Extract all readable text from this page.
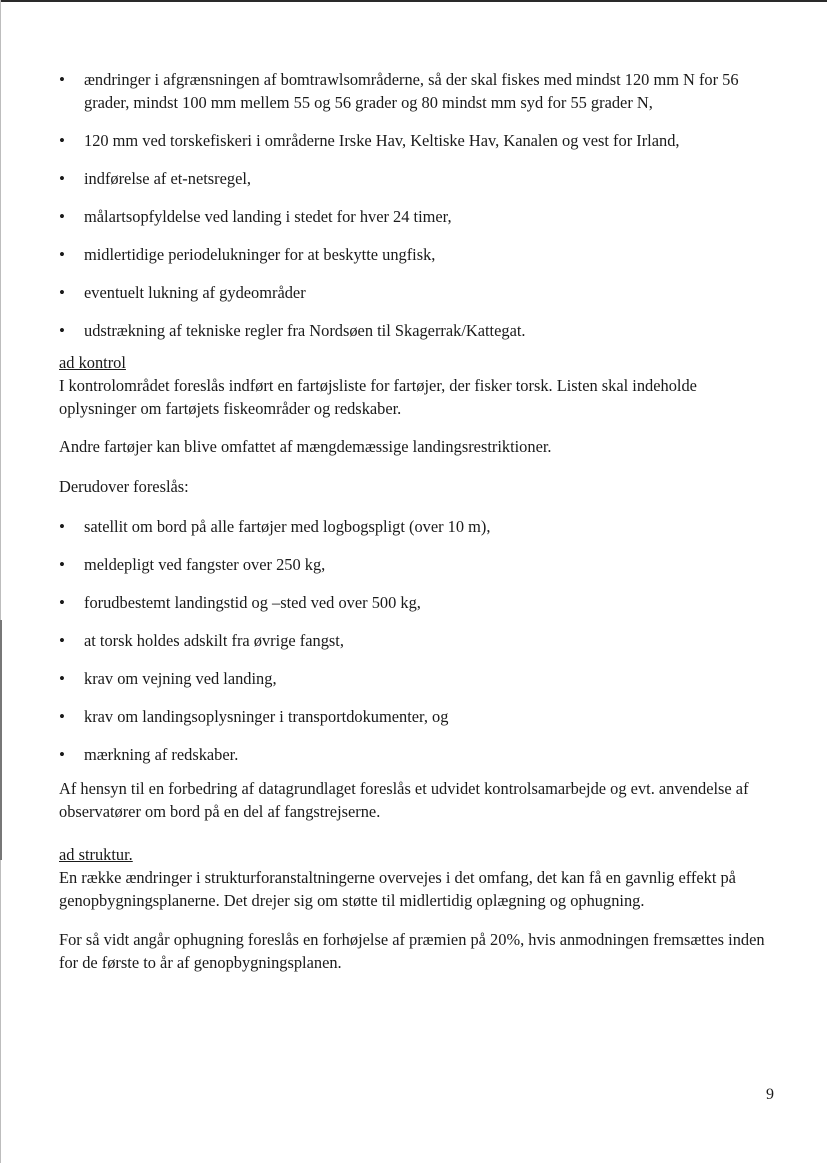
• ændringer i afgrænsningen af bomtrawlsområderne, så der skal fiskes med mindst 120 mm N for 56 grader, mindst 100 mm mellem 55 og 56 grader og 80 mindst mm syd for 55 grader N,
• 120 mm ved torskefiskeri i områderne Irske Hav, Keltiske Hav, Kanalen og vest for Irland,
• indførelse af et-netsregel,
• målartsopfyldelse ved landing i stedet for hver 24 timer,
• midlertidige periodelukninger for at beskytte ungfisk,
• eventuelt lukning af gydeområder
• udstrækning af tekniske regler fra Nordsøen til Skagerrak/Kattegat.

ad kontrol

I kontrolområdet foreslås indført en fartøjsliste for fartøjer, der fisker torsk. Listen skal indeholde oplysninger om fartøjets fiskeområder og redskaber.

Andre fartøjer kan blive omfattet af mængdemæssige landingsrestriktioner.

Derudover foreslås:

• satellit om bord på alle fartøjer med logbogspligt (over 10 m),
• meldepligt ved fangster over 250 kg,
• forudbestemt landingstid og –sted ved over 500 kg,
• at torsk holdes adskilt fra øvrige fangst,
• krav om vejning ved landing,
• krav om landingsoplysninger i transportdokumenter, og
• mærkning af redskaber.

Af hensyn til en forbedring af datagrundlaget foreslås et udvidet kontrolsamarbejde og evt. anvendelse af observatører om bord på en del af fangstrejserne.

ad struktur.

En række ændringer i strukturforanstaltningerne overvejes i det omfang, det kan få en gavnlig effekt på genopbygningsplanerne. Det drejer sig om støtte til midlertidig oplægning og ophugning.

For så vidt angår ophugning foreslås en forhøjelse af præmien på 20%, hvis anmodningen fremsættes inden for de første to år af genopbygningsplanen.

9
